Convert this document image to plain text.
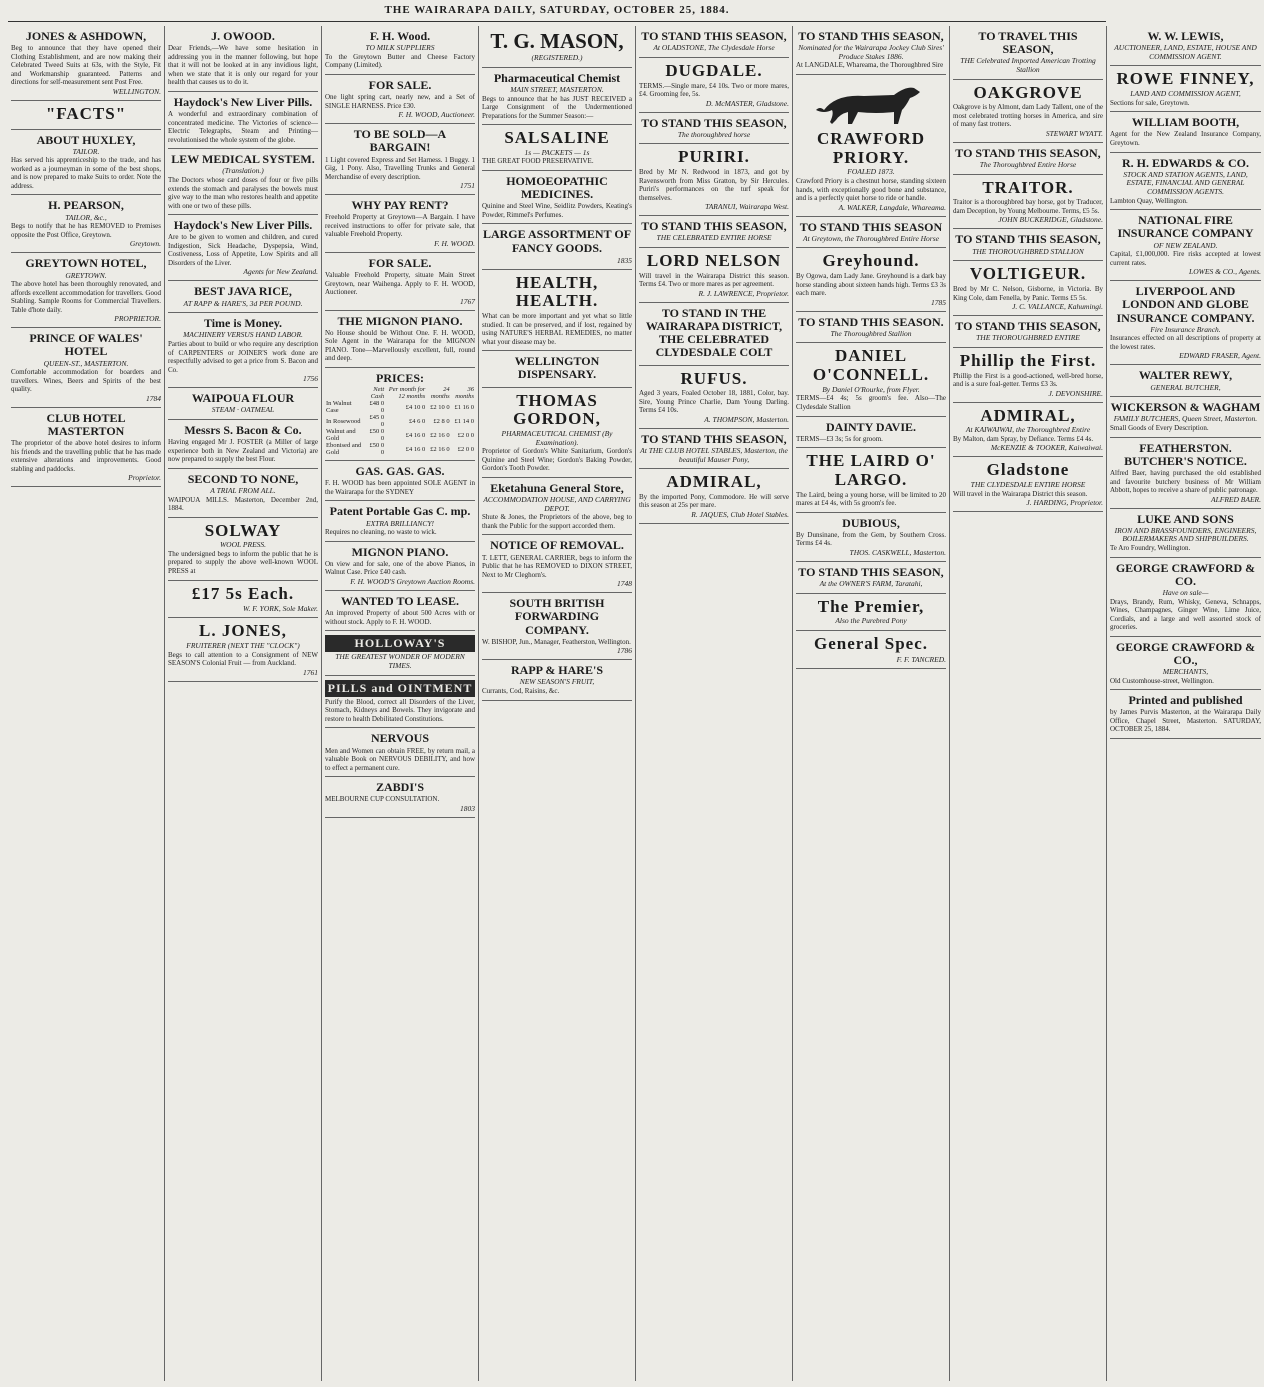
THE WAIRARAPA DAILY, SATURDAY, OCTOBER 25, 1884.
JONES & ASHDOWN,
Beg to announce that they have opened their Clothing Establishment, and are now making their Celebrated Tweed Suits at 63s, with the Style, Fit and Workmanship guaranteed. Patterns and directions for self-measurement sent Post Free.
WELLINGTON.
"FACTS"
ABOUT HUXLEY,
TAILOR.
Has served his apprenticeship to the trade, and has worked as a journeyman in some of the best shops, and is now prepared to make Suits to order. Note the address.
H. PEARSON,
TAILOR, &c.,
Begs to notify that he has REMOVED to Premises opposite the Post Office, Greytown.
Greytown.
GREYTOWN HOTEL,
GREYTOWN.
The above hotel has been thoroughly renovated, and affords excellent accommodation for travellers. Good Stabling. Sample Rooms for Commercial Travellers. Table d'hote daily.
PROPRIETOR.
PRINCE OF WALES' HOTEL
QUEEN-ST., MASTERTON.
Comfortable accommodation for boarders and travellers. Wines, Beers and Spirits of the best quality.
1784
CLUB HOTEL MASTERTON
The proprietor of the above hotel desires to inform his friends and the travelling public that he has made extensive alterations and improvements. Good stabling and paddocks.
Proprietor.
J. OWOOD.
Dear Friends,—We have some hesitation in addressing you in the manner following, but hope that it will not be looked at in any invidious light, when we state that it is only our regard for your health that causes us to do it.
Haydock's New Liver Pills.
A wonderful and extraordinary combination of concentrated medicine. The Victories of science—Electric Telegraphs, Steam and Printing—revolutionised the whole system of the globe.
LEW MEDICAL SYSTEM.
(Translation.)
The Doctors whose card doses of four or five pills extends the stomach and paralyses the bowels must give way to the man who restores health and appetite with one or two of these pills.
Haydock's New Liver Pills.
Are to be given to women and children, and cured Indigestion, Sick Headache, Dyspepsia, Wind, Costiveness, Loss of Appetite, Low Spirits and all Disorders of the Liver.
Agents for New Zealand.
BEST JAVA RICE,
AT RAPP & HARE'S, 3d PER POUND.
Time is Money.
MACHINERY VERSUS HAND LABOR.
Parties about to build or who require any description of CARPENTERS or JOINER'S work done are respectfully advised to get a price from S. Bacon and Co.
1756
WAIPOUA FLOUR
STEAM · OATMEAL
Messrs S. Bacon & Co.
Having engaged Mr J. FOSTER (a Miller of large experience both in New Zealand and Victoria) are now prepared to supply the best Flour.
SECOND TO NONE,
A TRIAL FROM ALL.
WAIPOUA MILLS. Masterton, December 2nd, 1884.
SOLWAY
WOOL PRESS.
The undersigned begs to inform the public that he is prepared to supply the above well-known WOOL PRESS at
£17 5s Each.
W. F. YORK, Sole Maker.
L. JONES,
FRUITERER (NEXT THE "CLOCK")
Begs to call attention to a Consignment of NEW SEASON'S Colonial Fruit — from Auckland.
1761
F. H. Wood.
TO MILK SUPPLIERS
To the Greytown Butter and Cheese Factory Company (Limited).
FOR SALE.
One light spring cart, nearly new, and a Set of SINGLE HARNESS. Price £30.
F. H. WOOD, Auctioneer.
TO BE SOLD—A BARGAIN!
1 Light covered Express and Set Harness. 1 Buggy. 1 Gig, 1 Pony. Also, Travelling Trunks and General Merchandise of every description.
1751
WHY PAY RENT?
Freehold Property at Greytown—A Bargain. I have received instructions to offer for private sale, that valuable Freehold Property.
F. H. WOOD.
FOR SALE.
Valuable Freehold Property, situate Main Street Greytown, near Waihenga. Apply to F. H. WOOD, Auctioneer.
1767
THE MIGNON PIANO.
No House should be Without One. F. H. WOOD, Sole Agent in the Wairarapa for the MIGNON PIANO. Tone—Marvellously excellent, full, round and deep.
PRICES:
	Nett Cash	Per month for 12 months	24 months	36 months
In Walnut Case	£48 0 0	£4 10 0	£2 10 0	£1 16 0
In Rosewood	£45 0 0	£4 6 0	£2 8 0	£1 14 0
Walnut and Gold	£50 0 0	£4 16 0	£2 16 0	£2 0 0
Ebonised and Gold	£50 0 0	£4 16 0	£2 16 0	£2 0 0
GAS. GAS. GAS.
F. H. WOOD has been appointed SOLE AGENT in the Wairarapa for the SYDNEY
Patent Portable Gas C. mp.
EXTRA BRILLIANCY!
Requires no cleaning, no waste to wick.
MIGNON PIANO.
On view and for sale, one of the above Pianos, in Walnut Case. Price £40 cash.
F. H. WOOD'S Greytown Auction Rooms.
WANTED TO LEASE.
An improved Property of about 500 Acres with or without stock. Apply to F. H. WOOD.
HOLLOWAY'S
THE GREATEST WONDER OF MODERN TIMES.
PILLS and OINTMENT
Purify the Blood, correct all Disorders of the Liver, Stomach, Kidneys and Bowels. They invigorate and restore to health Debilitated Constitutions.
NERVOUS
Men and Women can obtain FREE, by return mail, a valuable Book on NERVOUS DEBILITY, and how to effect a permanent cure.
ZABDI'S
MELBOURNE CUP CONSULTATION.
1803
T. G. MASON,
(REGISTERED.)
Pharmaceutical Chemist
MAIN STREET, MASTERTON.
Begs to announce that he has JUST RECEIVED a Large Consignment of the Undermentioned Preparations for the Summer Season:—
SALSALINE
1s — PACKETS — 1s
THE GREAT FOOD PRESERVATIVE.
HOMOEOPATHIC MEDICINES.
Quinine and Steel Wine, Seidlitz Powders, Keating's Powder, Rimmel's Perfumes.
LARGE ASSORTMENT OF FANCY GOODS.
1835
HEALTH, HEALTH.
What can be more important and yet what so little studied. It can be preserved, and if lost, regained by using NATURE'S HERBAL REMEDIES, no matter what your disease may be.
WELLINGTON DISPENSARY.
THOMAS GORDON,
PHARMACEUTICAL CHEMIST (By Examination).
Proprietor of Gordon's White Sanitarium, Gordon's Quinine and Steel Wine; Gordon's Baking Powder, Gordon's Tooth Powder.
Eketahuna General Store,
ACCOMMODATION HOUSE, AND CARRYING DEPOT.
Shute & Jones, the Proprietors of the above, beg to thank the Public for the support accorded them.
NOTICE OF REMOVAL.
T. LETT, GENERAL CARRIER, begs to inform the Public that he has REMOVED to DIXON STREET, Next to Mr Cleghorn's.
1748
SOUTH BRITISH FORWARDING COMPANY.
W. BISHOP, Jun., Manager, Featherston, Wellington.
1786
RAPP & HARE'S
NEW SEASON'S FRUIT,
Currants, Cod, Raisins, &c.
TO STAND THIS SEASON,
At OLADSTONE, The Clydesdale Horse
DUGDALE.
TERMS.—Single mare, £4 10s. Two or more mares, £4. Grooming fee, 5s.
D. McMASTER, Gladstone.
TO STAND THIS SEASON,
The thoroughbred horse
PURIRI.
Bred by Mr N. Redwood in 1873, and got by Ravensworth from Miss Gratton, by Sir Hercules. Puriri's performances on the turf speak for themselves.
TARANUI, Wairarapa West.
TO STAND THIS SEASON,
THE CELEBRATED ENTIRE HORSE
LORD NELSON
Will travel in the Wairarapa District this season. Terms £4. Two or more mares as per agreement.
R. J. LAWRENCE, Proprietor.
TO STAND IN THE WAIRARAPA DISTRICT, THE CELEBRATED CLYDESDALE COLT
RUFUS.
Aged 3 years, Foaled October 18, 1881, Color, bay. Sire, Young Prince Charlie, Dam Young Darling. Terms £4 10s.
A. THOMPSON, Masterton.
TO STAND THIS SEASON,
At THE CLUB HOTEL STABLES, Masterton, the beautiful Mauser Pony,
ADMIRAL,
By the imported Pony, Commodore. He will serve this season at 25s per mare.
R. JAQUES, Club Hotel Stables.
TO STAND THIS SEASON,
Nominated for the Wairarapa Jockey Club Sires' Produce Stakes 1886.
At LANGDALE, Whareama, the Thoroughbred Sire
CRAWFORD PRIORY.
FOALED 1873.
Crawford Priory is a chestnut horse, standing sixteen hands, with exceptionally good bone and substance, and is a perfectly quiet horse to ride or handle.
A. WALKER, Langdale, Whareama.
TO STAND THIS SEASON
At Greytown, the Thoroughbred Entire Horse
Greyhound.
By Ogowa, dam Lady Jane. Greyhound is a dark bay horse standing about sixteen hands high. Terms £3 3s each mare.
1785
TO STAND THIS SEASON.
The Thoroughbred Stallion
DANIEL O'CONNELL.
By Daniel O'Rourke, from Flyer.
TERMS—£4 4s; 5s groom's fee. Also—The Clydesdale Stallion
DAINTY DAVIE.
TERMS—£3 3s; 5s for groom.
THE LAIRD O' LARGO.
The Laird, being a young horse, will be limited to 20 mares at £4 4s, with 5s groom's fee.
DUBIOUS,
By Dunsinane, from the Gem, by Southern Cross. Terms £4 4s.
THOS. CASKWELL, Masterton.
TO STAND THIS SEASON,
At the OWNER'S FARM, Taratahi,
The Premier,
Also the Purebred Pony
General Spec.
F. F. TANCRED.
TO TRAVEL THIS SEASON,
THE Celebrated Imported American Trotting Stallion
OAKGROVE
Oakgrove is by Almont, dam Lady Tallent, one of the most celebrated trotting horses in America, and sire of many fast trotters.
STEWART WYATT.
TO STAND THIS SEASON,
The Thoroughbred Entire Horse
TRAITOR.
Traitor is a thoroughbred bay horse, got by Traducer, dam Deception, by Young Melbourne. Terms, £5 5s.
JOHN BUCKERIDGE, Gladstone.
TO STAND THIS SEASON,
THE THOROUGHBRED STALLION
VOLTIGEUR.
Bred by Mr C. Nelson, Gisborne, in Victoria. By King Cole, dam Fenella, by Panic. Terms £5 5s.
J. C. VALLANCE, Kahumingi.
TO STAND THIS SEASON,
THE THOROUGHBRED ENTIRE
Phillip the First.
Phillip the First is a good-actioned, well-bred horse, and is a sure foal-getter. Terms £3 3s.
J. DEVONSHIRE.
ADMIRAL,
At KAIWAIWAI, the Thoroughbred Entire
By Malton, dam Spray, by Defiance. Terms £4 4s.
McKENZIE & TOOKER, Kaiwaiwai.
Gladstone
THE CLYDESDALE ENTIRE HORSE
Will travel in the Wairarapa District this season.
J. HARDING, Proprietor.
W. W. LEWIS,
AUCTIONEER, LAND, ESTATE, HOUSE AND COMMISSION AGENT.
ROWE FINNEY,
LAND AND COMMISSION AGENT,
Sections for sale, Greytown.
WILLIAM BOOTH,
Agent for the New Zealand Insurance Company, Greytown.
R. H. EDWARDS & CO.
STOCK AND STATION AGENTS, LAND, ESTATE, FINANCIAL AND GENERAL COMMISSION AGENTS.
Lambton Quay, Wellington.
NATIONAL FIRE INSURANCE COMPANY
OF NEW ZEALAND.
Capital, £1,000,000. Fire risks accepted at lowest current rates.
LOWES & CO., Agents.
LIVERPOOL AND LONDON AND GLOBE INSURANCE COMPANY.
Fire Insurance Branch.
Insurances effected on all descriptions of property at the lowest rates.
EDWARD FRASER, Agent.
WALTER REWY,
GENERAL BUTCHER,
WICKERSON & WAGHAM
FAMILY BUTCHERS, Queen Street, Masterton.
Small Goods of Every Description.
FEATHERSTON. BUTCHER'S NOTICE.
Alfred Baer, having purchased the old established and favourite butchery business of Mr William Abbott, hopes to receive a share of public patronage.
ALFRED BAER.
LUKE AND SONS
IRON AND BRASSFOUNDERS, ENGINEERS, BOILERMAKERS AND SHIPBUILDERS.
Te Aro Foundry, Wellington.
GEORGE CRAWFORD & CO.
Have on sale—
Drays, Brandy, Rum, Whisky, Geneva, Schnapps, Wines, Champagnes, Ginger Wine, Lime Juice, Cordials, and a large and well assorted stock of groceries.
GEORGE CRAWFORD & CO.,
MERCHANTS,
Old Customhouse-street, Wellington.
Printed and published
by James Purvis Masterton, at the Wairarapa Daily Office, Chapel Street, Masterton. SATURDAY, OCTOBER 25, 1884.
